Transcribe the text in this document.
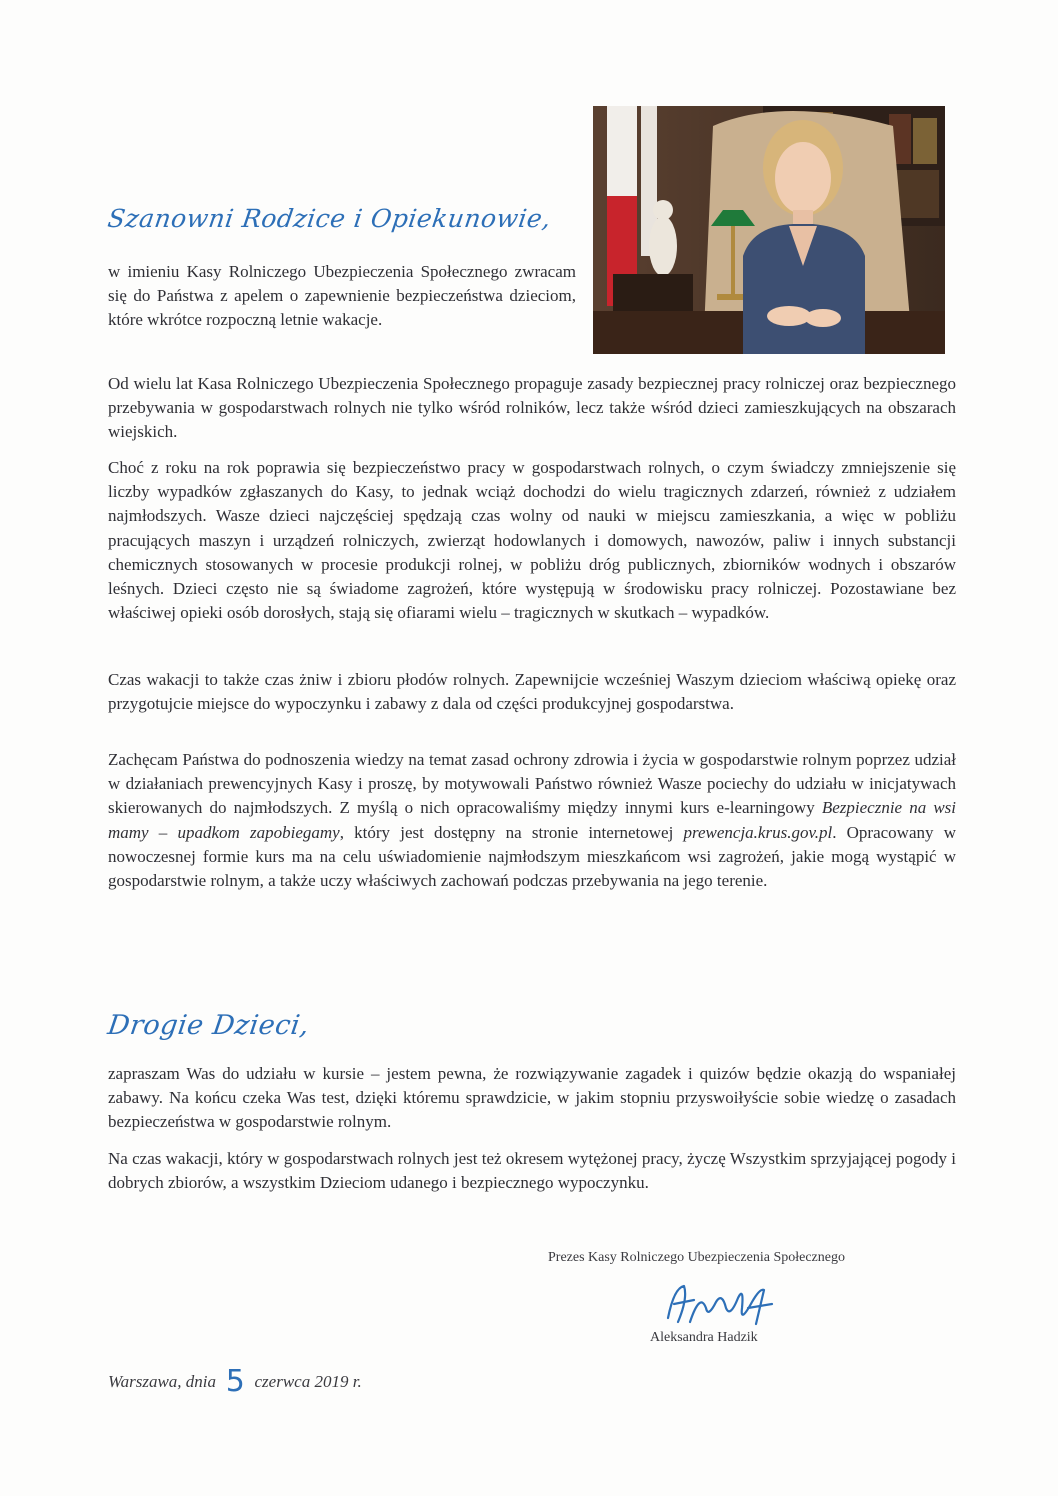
Szanowni Rodzice i Opiekunowie,

w imieniu Kasy Rolniczego Ubezpieczenia Społecznego zwracam się do Państwa z apelem o zapewnienie bezpieczeństwa dzieciom, które wkrótce rozpoczną letnie wakacje.

Od wielu lat Kasa Rolniczego Ubezpieczenia Społecznego propaguje zasady bezpiecznej pracy rolniczej oraz bezpiecznego przebywania w gospodarstwach rolnych nie tylko wśród rolników, lecz także wśród dzieci zamieszkujących na obszarach wiejskich.

Choć z roku na rok poprawia się bezpieczeństwo pracy w gospodarstwach rolnych, o czym świadczy zmniejszenie się liczby wypadków zgłaszanych do Kasy, to jednak wciąż dochodzi do wielu tragicznych zdarzeń, również z udziałem najmłodszych. Wasze dzieci najczęściej spędzają czas wolny od nauki w miejscu zamieszkania, a więc w pobliżu pracujących maszyn i urządzeń rolniczych, zwierząt hodowlanych i domowych, nawozów, paliw i innych substancji chemicznych stosowanych w procesie produkcji rolnej, w pobliżu dróg publicznych, zbiorników wodnych i obszarów leśnych. Dzieci często nie są świadome zagrożeń, które występują w środowisku pracy rolniczej. Pozostawiane bez właściwej opieki osób dorosłych, stają się ofiarami wielu – tragicznych w skutkach – wypadków.

Czas wakacji to także czas żniw i zbioru płodów rolnych. Zapewnijcie wcześniej Waszym dzieciom właściwą opiekę oraz przygotujcie miejsce do wypoczynku i zabawy z dala od części produkcyjnej gospodarstwa.

Zachęcam Państwa do podnoszenia wiedzy na temat zasad ochrony zdrowia i życia w gospodarstwie rolnym poprzez udział w działaniach prewencyjnych Kasy i proszę, by motywowali Państwo również Wasze pociechy do udziału w inicjatywach skierowanych do najmłodszych. Z myślą o nich opracowaliśmy między innymi kurs e-learningowy Bezpiecznie na wsi mamy – upadkom zapobiegamy, który jest dostępny na stronie internetowej prewencja.krus.gov.pl. Opracowany w nowoczesnej formie kurs ma na celu uświadomienie najmłodszym mieszkańcom wsi zagrożeń, jakie mogą wystąpić w gospodarstwie rolnym, a także uczy właściwych zachowań podczas przebywania na jego terenie.

Drogie Dzieci,

zapraszam Was do udziału w kursie – jestem pewna, że rozwiązywanie zagadek i quizów będzie okazją do wspaniałej zabawy. Na końcu czeka Was test, dzięki któremu sprawdzicie, w jakim stopniu przyswoiłyście sobie wiedzę o zasadach bezpieczeństwa w gospodarstwie rolnym.

Na czas wakacji, który w gospodarstwach rolnych jest też okresem wytężonej pracy, życzę Wszystkim sprzyjającej pogody i dobrych zbiorów, a wszystkim Dzieciom udanego i bezpiecznego wypoczynku.

Prezes Kasy Rolniczego Ubezpieczenia Społecznego
Aleksandra Hadzik
Warszawa, dnia 5 czerwca 2019 r.
